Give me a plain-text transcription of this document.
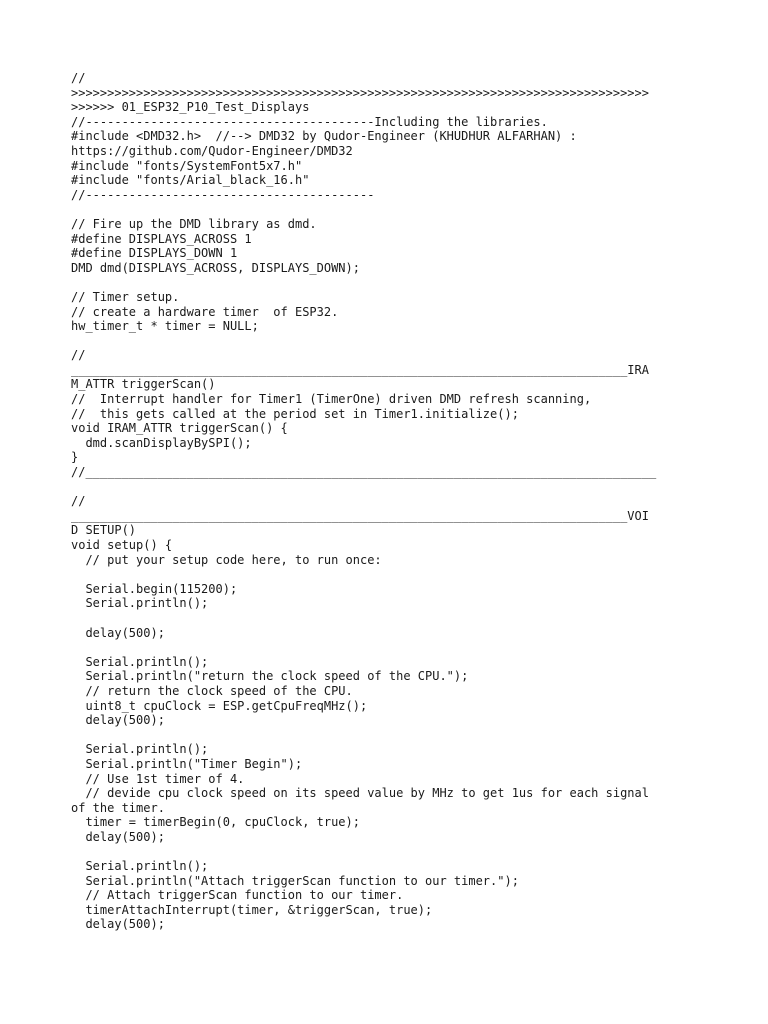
//
>>>>>>>>>>>>>>>>>>>>>>>>>>>>>>>>>>>>>>>>>>>>>>>>>>>>>>>>>>>>>>>>>>>>>>>>>>>>>>>>
>>>>>> 01_ESP32_P10_Test_Displays
//----------------------------------------Including the libraries.
#include <DMD32.h>  //--> DMD32 by Qudor-Engineer (KHUDHUR ALFARHAN) :
https://github.com/Qudor-Engineer/DMD32
#include "fonts/SystemFont5x7.h"
#include "fonts/Arial_black_16.h"
//----------------------------------------
// Fire up the DMD library as dmd.
#define DISPLAYS_ACROSS 1
#define DISPLAYS_DOWN 1
DMD dmd(DISPLAYS_ACROSS, DISPLAYS_DOWN);
// Timer setup.
// create a hardware timer  of ESP32.
hw_timer_t * timer = NULL;
//
_____________________________________________________________________________IRA
M_ATTR triggerScan()
//  Interrupt handler for Timer1 (TimerOne) driven DMD refresh scanning,
//  this gets called at the period set in Timer1.initialize();
void IRAM_ATTR triggerScan() {
dmd.scanDisplayBySPI();
}
//_______________________________________________________________________________
//
_____________________________________________________________________________VOI
D SETUP()
void setup() {
// put your setup code here, to run once:
Serial.begin(115200);
Serial.println();
delay(500);
Serial.println();
Serial.println("return the clock speed of the CPU.");
// return the clock speed of the CPU.
uint8_t cpuClock = ESP.getCpuFreqMHz();
delay(500);
Serial.println();
Serial.println("Timer Begin");
// Use 1st timer of 4.
// devide cpu clock speed on its speed value by MHz to get 1us for each signal
of the timer.
timer = timerBegin(0, cpuClock, true);
delay(500);
Serial.println();
Serial.println("Attach triggerScan function to our timer.");
// Attach triggerScan function to our timer.
timerAttachInterrupt(timer, &triggerScan, true);
delay(500);
